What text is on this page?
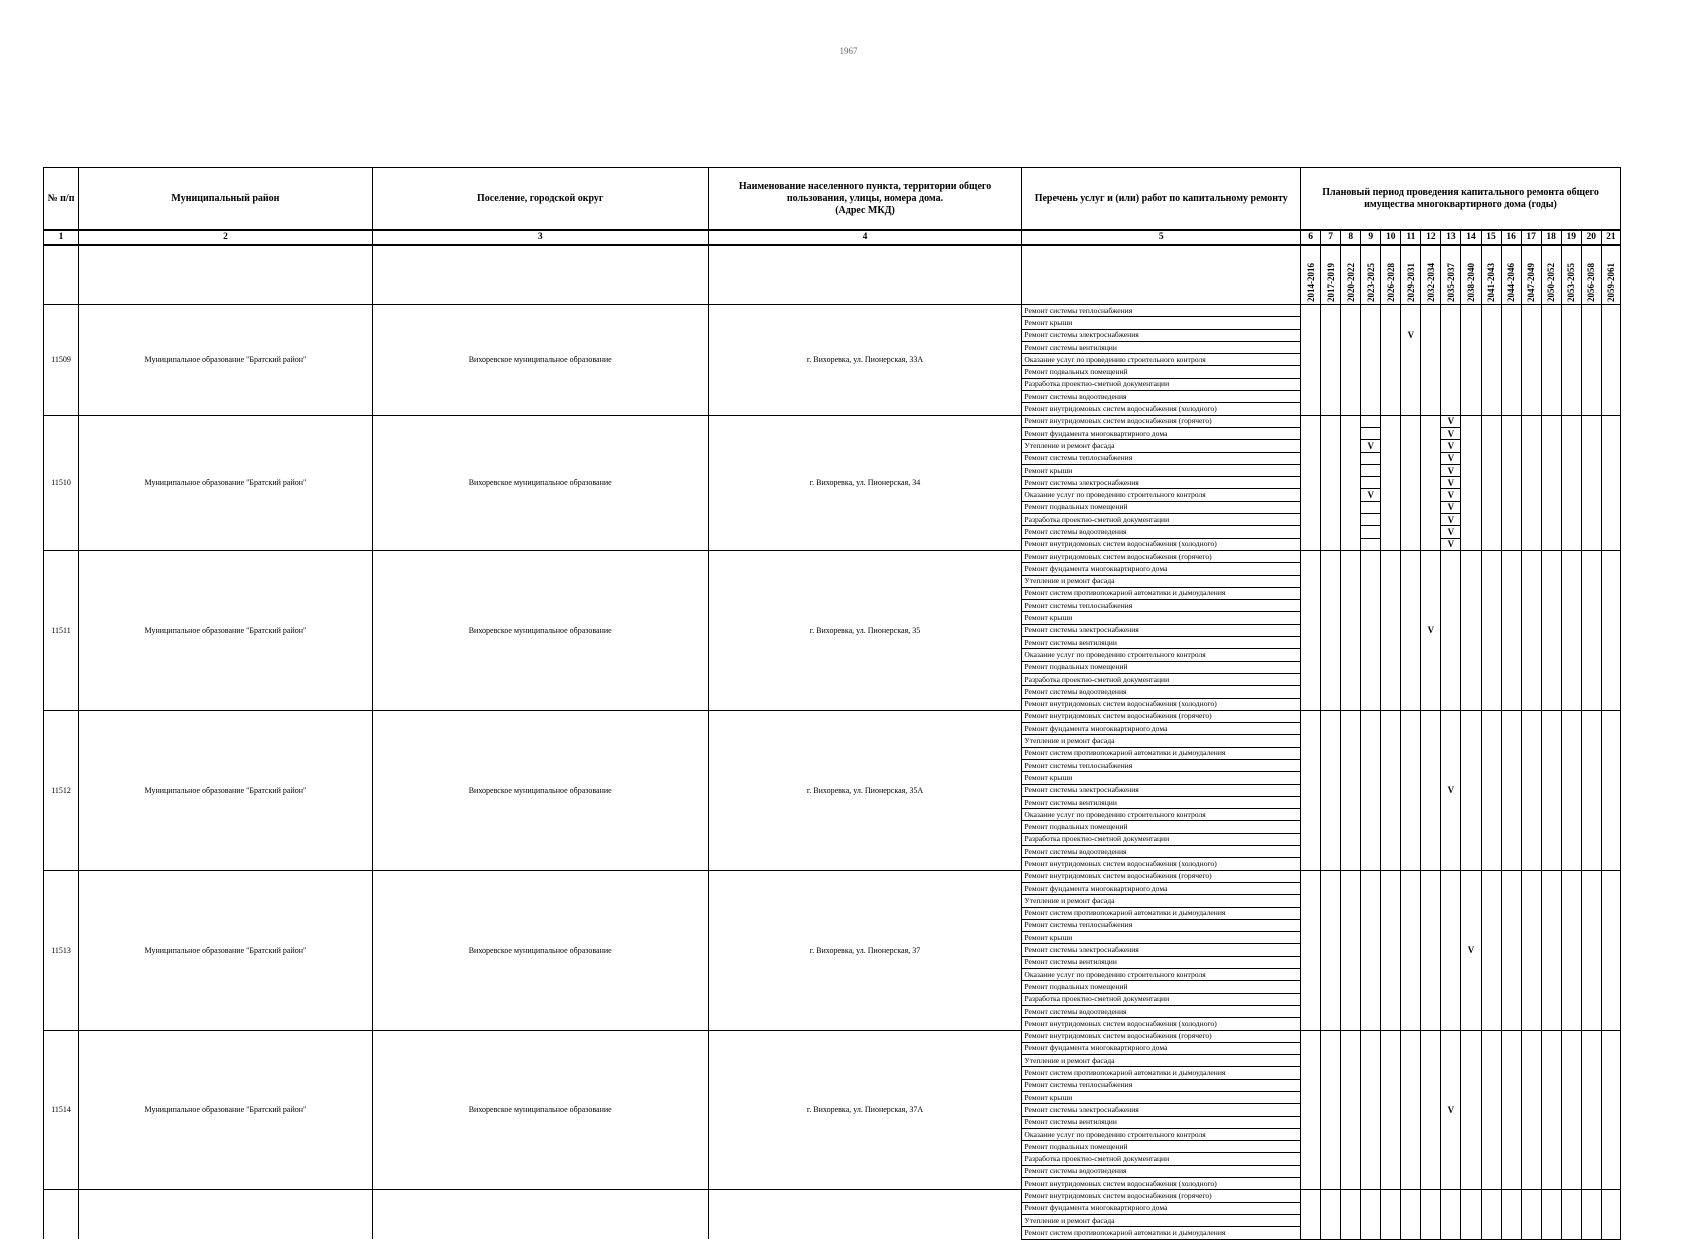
1967
№ п/п	Муниципальный район	Поселение, городской округ	Наименование населенного пункта, территории общего пользования, улицы, номера дома.
(Адрес МКД)	Перечень услуг и (или) работ по капитальному ремонту	Плановый период проведения капитального ремонта общего имущества многоквартирного дома (годы)															
1	2	3	4	5	6	7	8	9	10	11	12	13	14	15	16	17	18	19	20	21

					2014-2016	2017-2019	2020-2022	2023-2025	2026-2028	2029-2031	2032-2034	2035-2037	2038-2040	2041-2043	2044-2046	2047-2049	2050-2052	2053-2055	2056-2058	2059-2061

11509	Муниципальное образование "Братский район"	Вихоревское муниципальное образование	г. Вихоревка, ул. Пионерская, 33А	Ремонт системы теплоснабжения																
				Ремонт крыши																
				Ремонт системы электроснабжения						V										
				Ремонт системы вентиляции																
				Оказание услуг по проведению строительного контроля																
				Ремонт подвальных помещений																
				Разработка проектно-сметной документации																
				Ремонт системы водоотведения																
				Ремонт внутридомовых систем водоснабжения (холодного)																
11510	Муниципальное образование "Братский район"	Вихоревское муниципальное образование	г. Вихоревка, ул. Пионерская, 34	Ремонт внутридомовых систем водоснабжения (горячего)								V								
				Ремонт фундамента многоквартирного дома								V								
				Утепление и ремонт фасада				V				V								
				Ремонт системы теплоснабжения								V								
				Ремонт крыши								V								
				Ремонт системы электроснабжения								V								
				Оказание услуг по проведению строительного контроля				V				V								
				Ремонт подвальных помещений								V								
				Разработка проектно-сметной документации								V								
				Ремонт системы водоотведения								V								
				Ремонт внутридомовых систем водоснабжения (холодного)								V								
11511	Муниципальное образование "Братский район"	Вихоревское муниципальное образование	г. Вихоревка, ул. Пионерская, 35	Ремонт внутридомовых систем водоснабжения (горячего)																
				Ремонт фундамента многоквартирного дома																
				Утепление и ремонт фасада																
				Ремонт систем противопожарной автоматики и дымоудаления																
				Ремонт системы теплоснабжения																
				Ремонт крыши																
				Ремонт системы электроснабжения							V									
				Ремонт системы вентиляции																
				Оказание услуг по проведению строительного контроля																
				Ремонт подвальных помещений																
				Разработка проектно-сметной документации																
				Ремонт системы водоотведения																
				Ремонт внутридомовых систем водоснабжения (холодного)																
11512	Муниципальное образование "Братский район"	Вихоревское муниципальное образование	г. Вихоревка, ул. Пионерская, 35А	Ремонт внутридомовых систем водоснабжения (горячего)																
				Ремонт фундамента многоквартирного дома																
				Утепление и ремонт фасада																
				Ремонт систем противопожарной автоматики и дымоудаления																
				Ремонт системы теплоснабжения																
				Ремонт крыши																
				Ремонт системы электроснабжения								V								
				Ремонт системы вентиляции																
				Оказание услуг по проведению строительного контроля																
				Ремонт подвальных помещений																
				Разработка проектно-сметной документации																
				Ремонт системы водоотведения																
				Ремонт внутридомовых систем водоснабжения (холодного)																
11513	Муниципальное образование "Братский район"	Вихоревское муниципальное образование	г. Вихоревка, ул. Пионерская, 37	Ремонт внутридомовых систем водоснабжения (горячего)																
				Ремонт фундамента многоквартирного дома																
				Утепление и ремонт фасада																
				Ремонт систем противопожарной автоматики и дымоудаления																
				Ремонт системы теплоснабжения																
				Ремонт крыши																
				Ремонт системы электроснабжения									V							
				Ремонт системы вентиляции																
				Оказание услуг по проведению строительного контроля																
				Ремонт подвальных помещений																
				Разработка проектно-сметной документации																
				Ремонт системы водоотведения																
				Ремонт внутридомовых систем водоснабжения (холодного)																
11514	Муниципальное образование "Братский район"	Вихоревское муниципальное образование	г. Вихоревка, ул. Пионерская, 37А	Ремонт внутридомовых систем водоснабжения (горячего)																
				Ремонт фундамента многоквартирного дома																
				Утепление и ремонт фасада																
				Ремонт систем противопожарной автоматики и дымоудаления																
				Ремонт системы теплоснабжения																
				Ремонт крыши																
				Ремонт системы электроснабжения								V								
				Ремонт системы вентиляции																
				Оказание услуг по проведению строительного контроля																
				Ремонт подвальных помещений																
				Разработка проектно-сметной документации																
				Ремонт системы водоотведения																
				Ремонт внутридомовых систем водоснабжения (холодного)																
				Ремонт внутридомовых систем водоснабжения (горячего)																
				Ремонт фундамента многоквартирного дома																
				Утепление и ремонт фасада																
				Ремонт систем противопожарной автоматики и дымоудаления																
